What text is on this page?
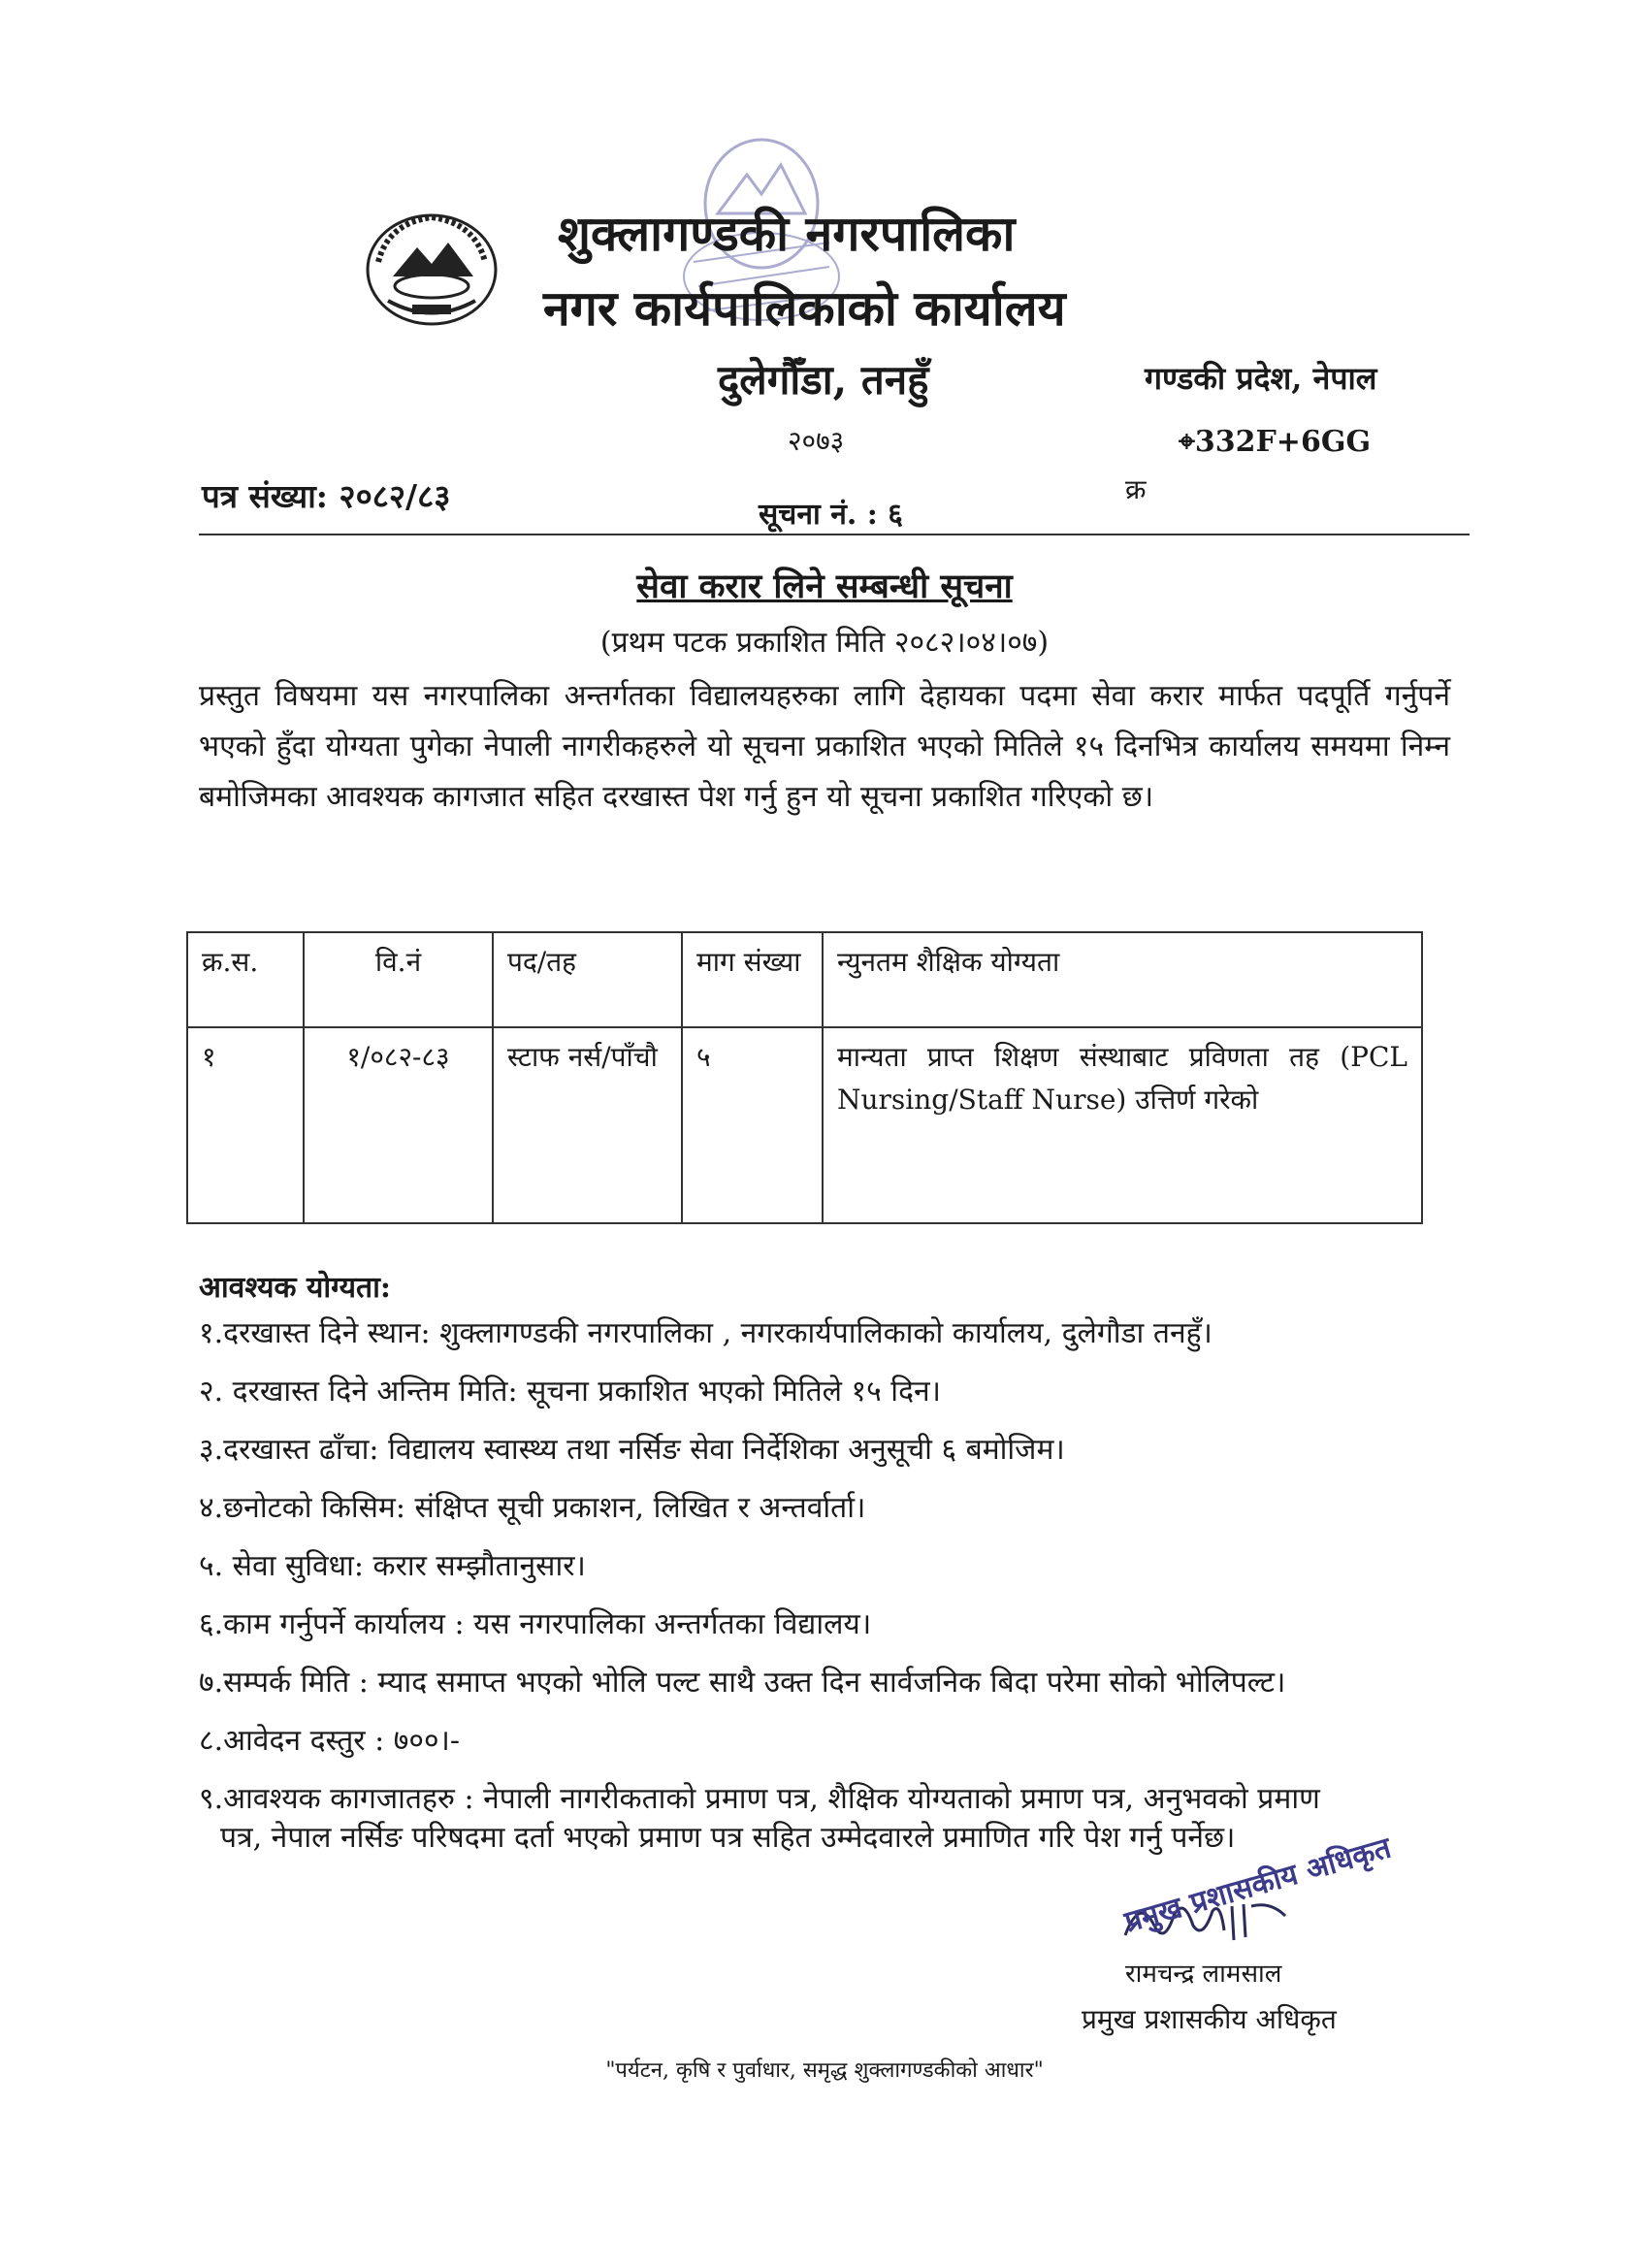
शुक्लागण्डकी नगरपालिका
नगर कार्यपालिकाको कार्यालय
दुलेगौँडा, तनहुँ	गण्डकी प्रदेश, नेपाल
२०७३	⌖332F+6GG
पत्र संख्या: २०८२/८३	क्र
सूचना नं. : ६
सेवा करार लिने सम्बन्धी सूचना
(प्रथम पटक प्रकाशित मिति २०८२।०४।०७)
प्रस्तुत विषयमा यस नगरपालिका अन्तर्गतका विद्यालयहरुका लागि देहायका पदमा सेवा करार मार्फत पदपूर्ति गर्नुपर्ने भएको हुँदा योग्यता पुगेका नेपाली नागरीकहरुले यो सूचना प्रकाशित भएको मितिले १५ दिनभित्र कार्यालय समयमा निम्न बमोजिमका आवश्यक कागजात सहित दरखास्त पेश गर्नु हुन यो सूचना प्रकाशित गरिएको छ।
क्र.स.	वि.नं	पद/तह	माग संख्या	न्युनतम शैक्षिक योग्यता
१	१/०८२-८३	स्टाफ नर्स/पाँचौ	५	मान्यता प्राप्त शिक्षण संस्थाबाट प्रविणता तह (PCL Nursing/Staff Nurse) उत्तिर्ण गरेको
आवश्यक योग्यता:
१.दरखास्त दिने स्थान: शुक्लागण्डकी नगरपालिका , नगरकार्यपालिकाको कार्यालय, दुलेगौडा तनहुँ।
२. दरखास्त दिने अन्तिम मिति: सूचना प्रकाशित भएको मितिले १५ दिन।
३.दरखास्त ढाँचा: विद्यालय स्वास्थ्य तथा नर्सिङ सेवा निर्देशिका अनुसूची ६ बमोजिम।
४.छनोटको किसिम: संक्षिप्त सूची प्रकाशन, लिखित र अन्तर्वार्ता।
५. सेवा सुविधा: करार सम्झौतानुसार।
६.काम गर्नुपर्ने कार्यालय : यस नगरपालिका अन्तर्गतका विद्यालय।
७.सम्पर्क मिति : म्याद समाप्त भएको भोलि पल्ट साथै उक्त दिन सार्वजनिक बिदा परेमा सोको भोलिपल्ट।
८.आवेदन दस्तुर : ७००।-
९.आवश्यक कागजातहरु : नेपाली नागरीकताको प्रमाण पत्र, शैक्षिक योग्यताको प्रमाण पत्र, अनुभवको प्रमाण
पत्र, नेपाल नर्सिङ परिषदमा दर्ता भएको प्रमाण पत्र सहित उम्मेदवारले प्रमाणित गरि पेश गर्नु पर्नेछ।
प्रमुख प्रशासकीय अधिकृत
रामचन्द्र लामसाल
प्रमुख प्रशासकीय अधिकृत
"पर्यटन, कृषि र पुर्वाधार, समृद्ध शुक्लागण्डकीको आधार"
